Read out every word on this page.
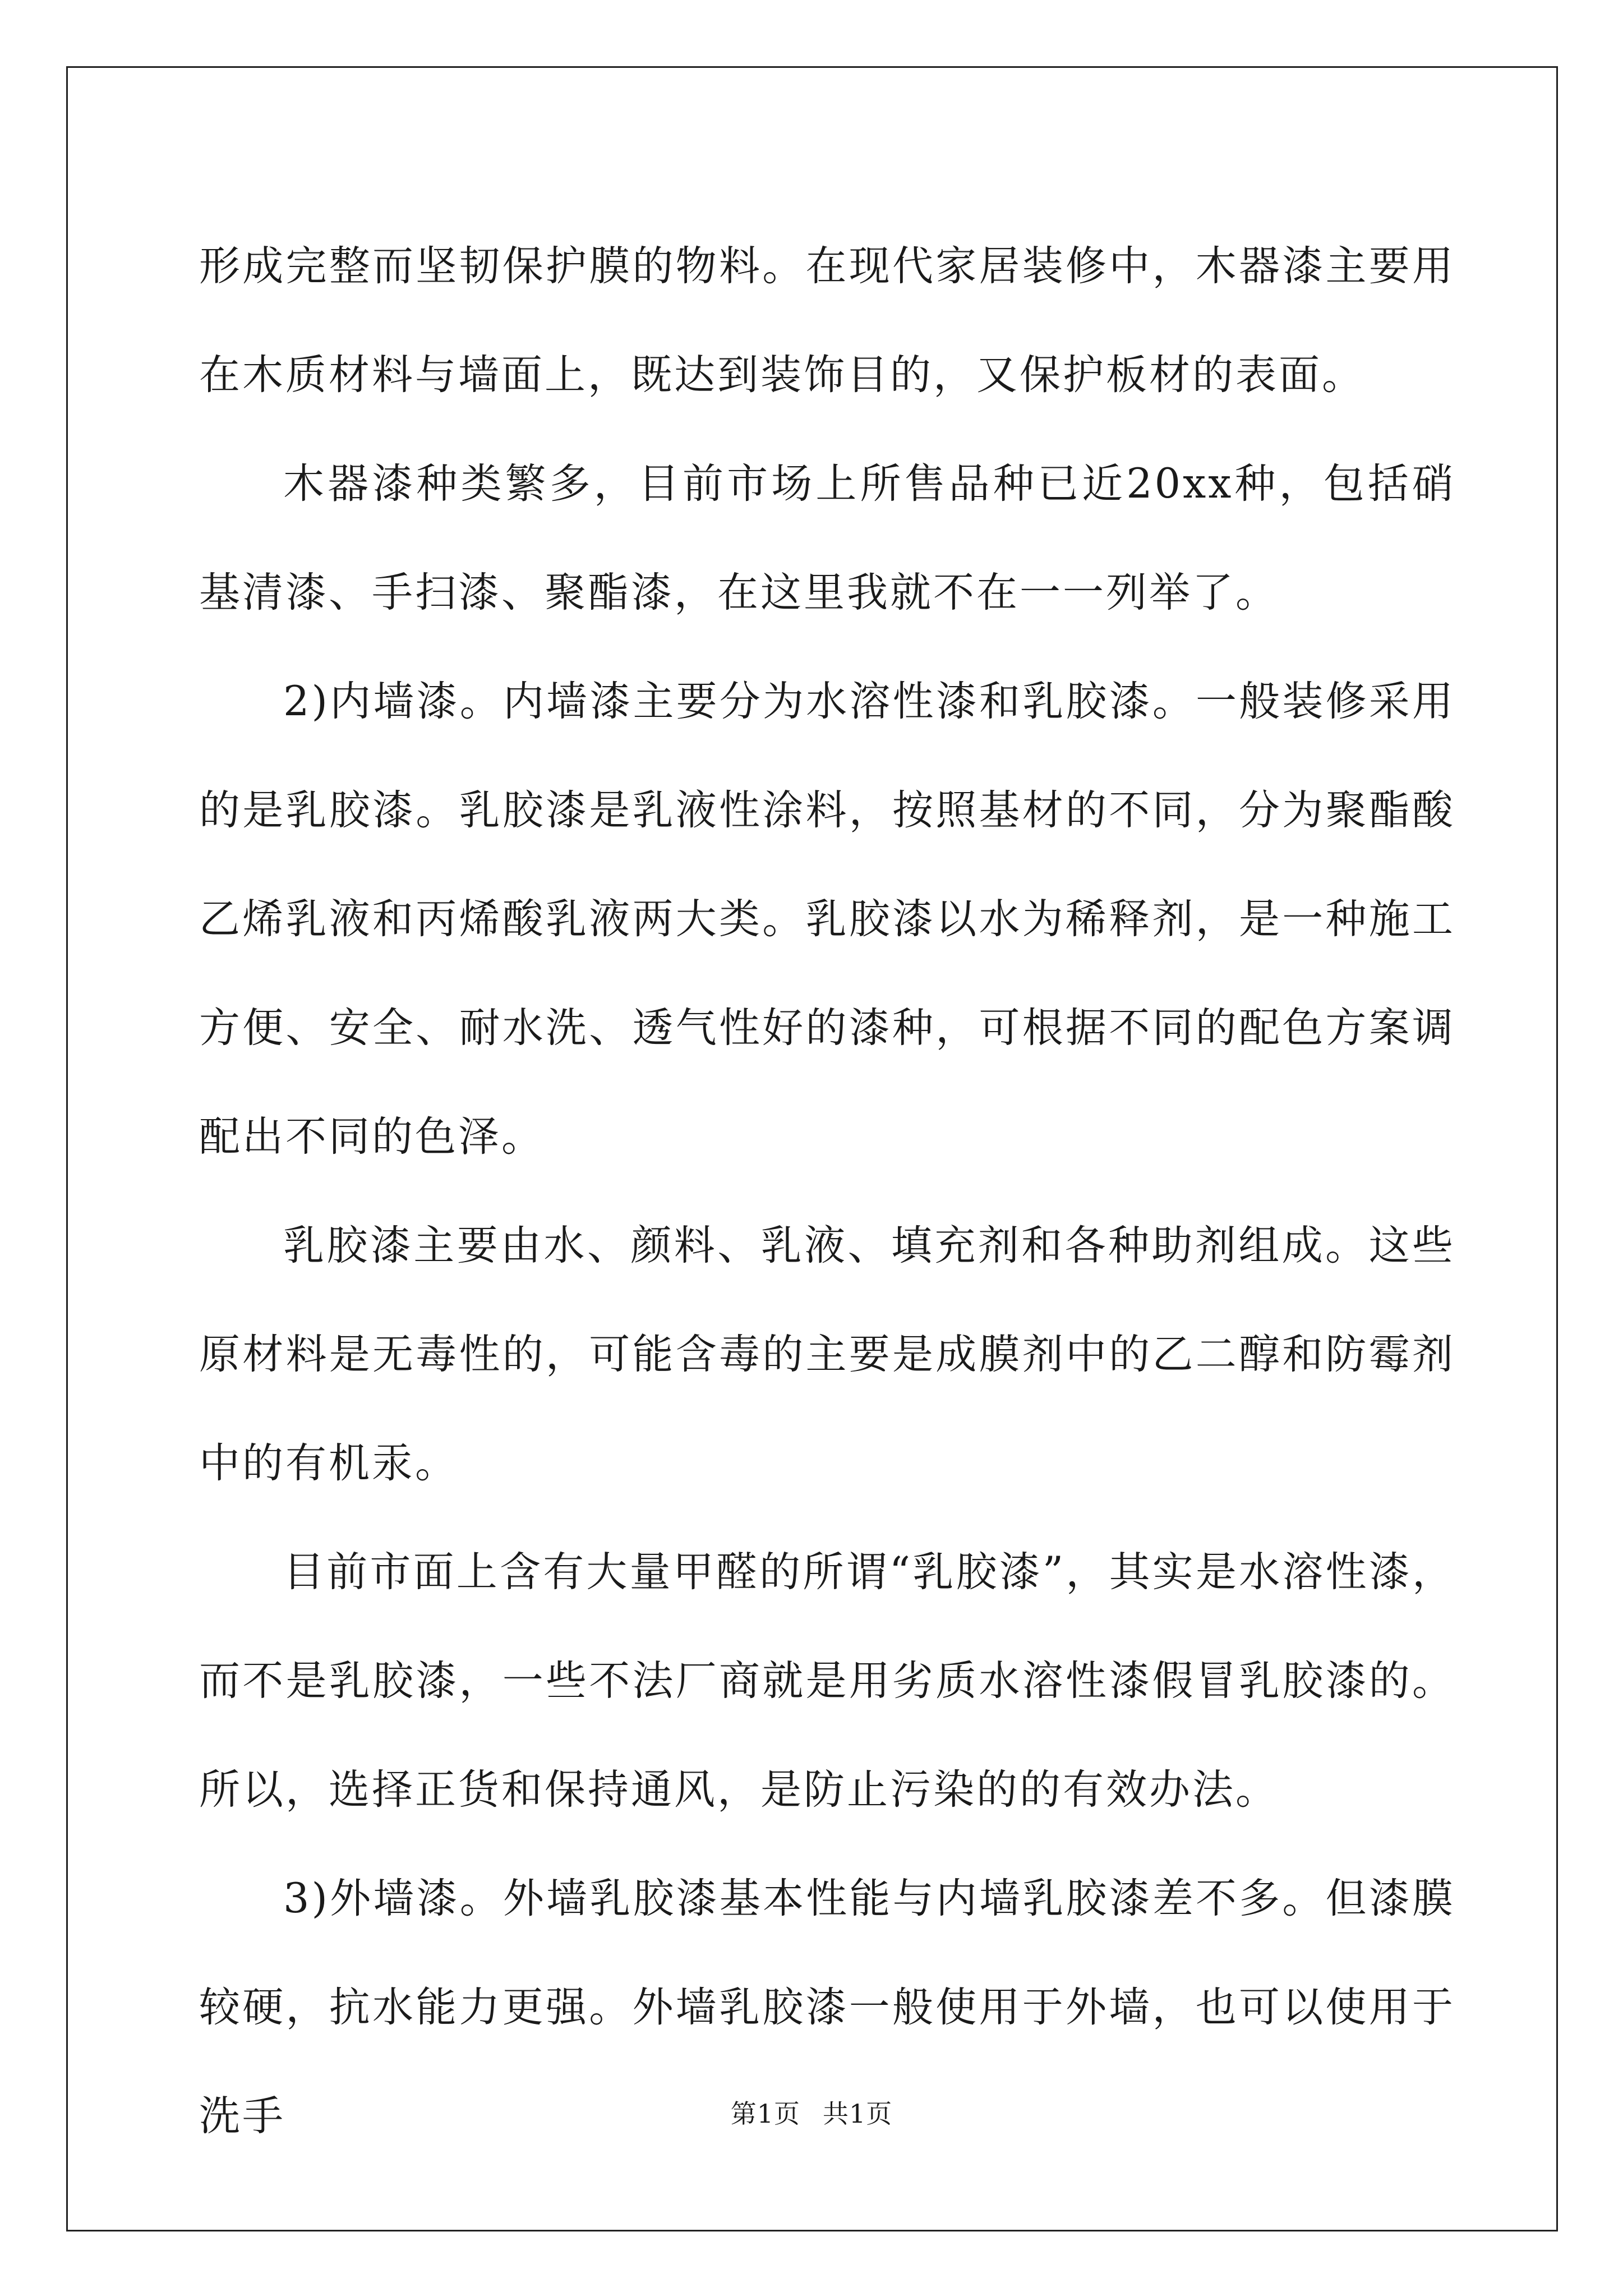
形成完整而坚韧保护膜的物料。在现代家居装修中，木器漆主要用在木质材料与墙面上，既达到装饰目的，又保护板材的表面。

木器漆种类繁多，目前市场上所售品种已近20xx种，包括硝基清漆、手扫漆、聚酯漆，在这里我就不在一一列举了。

2)内墙漆。内墙漆主要分为水溶性漆和乳胶漆。一般装修采用的是乳胶漆。乳胶漆是乳液性涂料，按照基材的不同，分为聚酯酸乙烯乳液和丙烯酸乳液两大类。乳胶漆以水为稀释剂，是一种施工方便、安全、耐水洗、透气性好的漆种，可根据不同的配色方案调配出不同的色泽。

乳胶漆主要由水、颜料、乳液、填充剂和各种助剂组成。这些原材料是无毒性的，可能含毒的主要是成膜剂中的乙二醇和防霉剂中的有机汞。

目前市面上含有大量甲醛的所谓“乳胶漆”，其实是水溶性漆，而不是乳胶漆，一些不法厂商就是用劣质水溶性漆假冒乳胶漆的。所以，选择正货和保持通风，是防止污染的的有效办法。

3)外墙漆。外墙乳胶漆基本性能与内墙乳胶漆差不多。但漆膜较硬，抗水能力更强。外墙乳胶漆一般使用于外墙，也可以使用于洗手	第1页 共1页
